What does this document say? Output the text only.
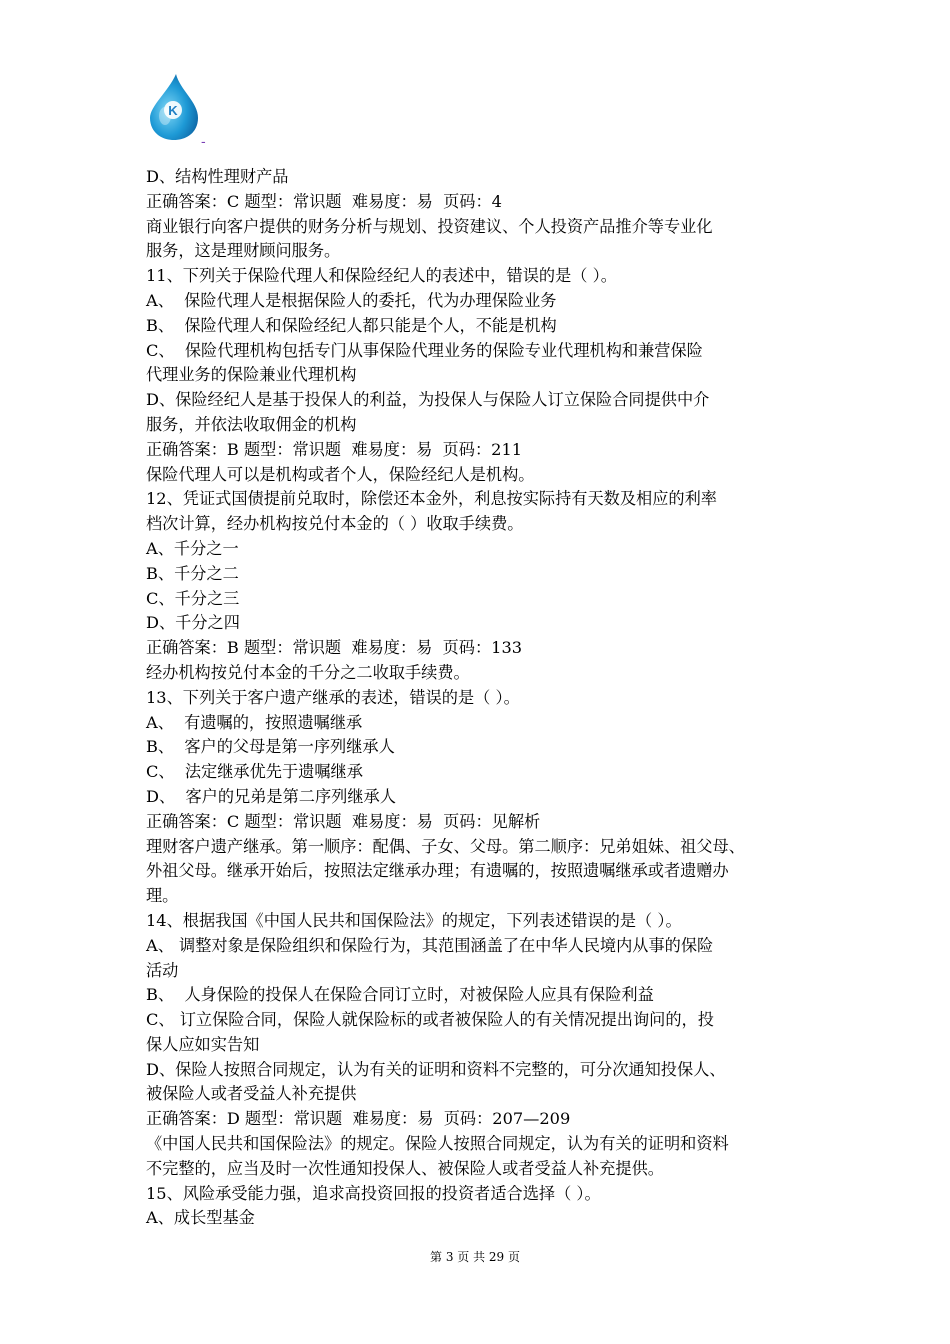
K
-
D、结构性理财产品
正确答案：C 题型：常识题  难易度：易  页码：4
商业银行向客户提供的财务分析与规划、投资建议、个人投资产品推介等专业化
服务，这是理财顾问服务。
11、下列关于保险代理人和保险经纪人的表述中，错误的是（ ）。
A、  保险代理人是根据保险人的委托，代为办理保险业务
B、  保险代理人和保险经纪人都只能是个人，不能是机构
C、  保险代理机构包括专门从事保险代理业务的保险专业代理机构和兼营保险
代理业务的保险兼业代理机构
D、保险经纪人是基于投保人的利益，为投保人与保险人订立保险合同提供中介
服务，并依法收取佣金的机构
正确答案：B 题型：常识题  难易度：易  页码：211
保险代理人可以是机构或者个人，保险经纪人是机构。
12、凭证式国债提前兑取时，除偿还本金外，利息按实际持有天数及相应的利率
档次计算，经办机构按兑付本金的（ ）收取手续费。
A、千分之一
B、千分之二
C、千分之三
D、千分之四
正确答案：B 题型：常识题  难易度：易  页码：133
经办机构按兑付本金的千分之二收取手续费。
13、下列关于客户遗产继承的表述，错误的是（ ）。
A、  有遗嘱的，按照遗嘱继承
B、  客户的父母是第一序列继承人
C、  法定继承优先于遗嘱继承
D、  客户的兄弟是第二序列继承人
正确答案：C 题型：常识题  难易度：易  页码：见解析
理财客户遗产继承。第一顺序：配偶、子女、父母。第二顺序：兄弟姐妹、祖父母、
外祖父母。继承开始后，按照法定继承办理；有遗嘱的，按照遗嘱继承或者遗赠办
理。
14、根据我国《中国人民共和国保险法》的规定，下列表述错误的是（ ）。
A、 调整对象是保险组织和保险行为，其范围涵盖了在中华人民境内从事的保险
活动
B、  人身保险的投保人在保险合同订立时，对被保险人应具有保险利益
C、 订立保险合同，保险人就保险标的或者被保险人的有关情况提出询问的，投
保人应如实告知
D、保险人按照合同规定，认为有关的证明和资料不完整的，可分次通知投保人、
被保险人或者受益人补充提供
正确答案：D 题型：常识题  难易度：易  页码：207—209
《中国人民共和国保险法》的规定。保险人按照合同规定，认为有关的证明和资料
不完整的，应当及时一次性通知投保人、被保险人或者受益人补充提供。
15、风险承受能力强，追求高投资回报的投资者适合选择（ ）。
A、成长型基金
第 3 页 共 29 页
